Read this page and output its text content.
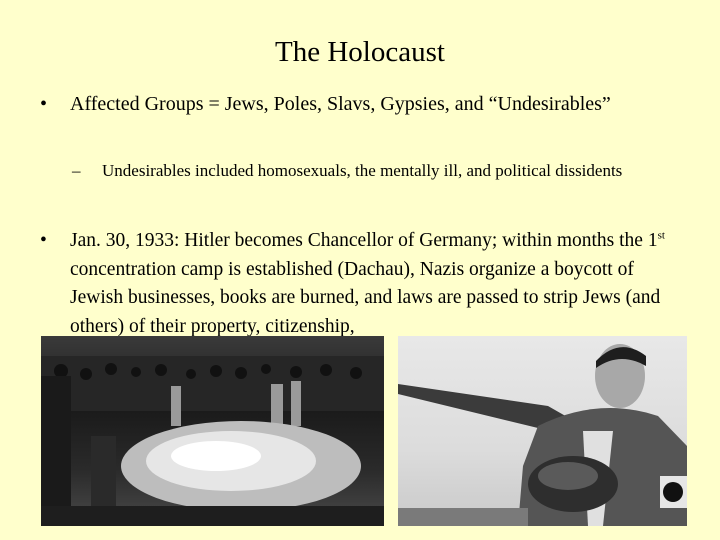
The Holocaust
• Affected Groups = Jews, Poles, Slavs, Gypsies, and “Undesirables”
– Undesirables included homosexuals, the mentally ill, and political dissidents
• Jan. 30, 1933: Hitler becomes Chancellor of Germany; within months the 1st concentration camp is established (Dachau), Nazis organize a boycott of Jewish businesses, books are burned, and laws are passed to strip Jews (and others) of their property, citizenship,
